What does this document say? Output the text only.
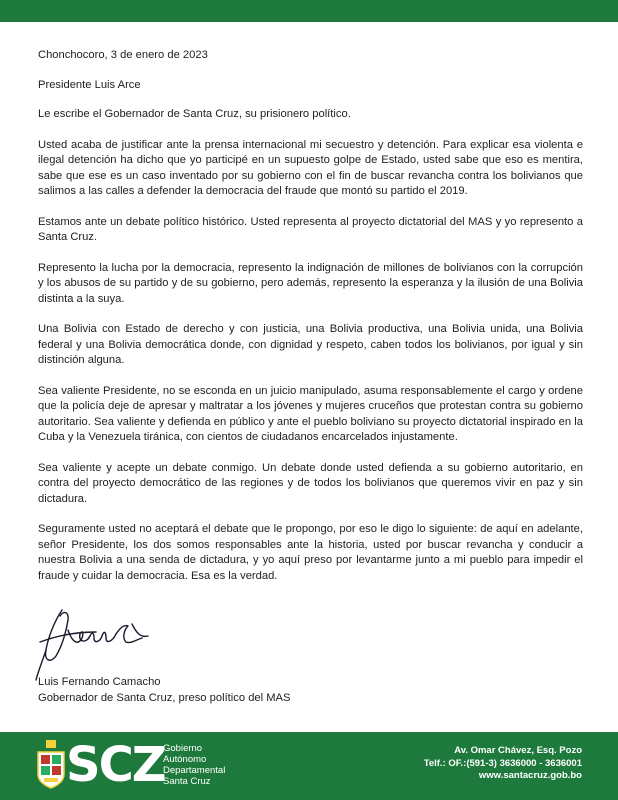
Chonchocoro, 3 de enero de 2023

Presidente Luis Arce

Le escribe el Gobernador de Santa Cruz, su prisionero político.

Usted acaba de justificar ante la prensa internacional mi secuestro y detención. Para explicar esa violenta e ilegal detención ha dicho que yo participé en un supuesto golpe de Estado, usted sabe que eso es mentira, sabe que ese es un caso inventado por su gobierno con el fin de buscar revancha contra los bolivianos que salimos a las calles a defender la democracia del fraude que montó su partido el 2019.

Estamos ante un debate político histórico. Usted representa al proyecto dictatorial del MAS y yo represento a Santa Cruz.

Represento la lucha por la democracia, represento la indignación de millones de bolivianos con la corrupción y los abusos de su partido y de su gobierno, pero además, represento la esperanza y la ilusión de una Bolivia distinta a la suya.

Una Bolivia con Estado de derecho y con justicia, una Bolivia productiva, una Bolivia unida, una Bolivia federal y una Bolivia democrática donde, con dignidad y respeto, caben todos los bolivianos, por igual y sin distinción alguna.

Sea valiente Presidente, no se esconda en un juicio manipulado, asuma responsablemente el cargo y ordene que la policía deje de apresar y maltratar a los jóvenes y mujeres cruceños que protestan contra su gobierno autoritario. Sea valiente y defienda en público y ante el pueblo boliviano su proyecto dictatorial inspirado en la Cuba y la Venezuela tiránica, con cientos de ciudadanos encarcelados injustamente.

Sea valiente y acepte un debate conmigo. Un debate donde usted defienda a su gobierno autoritario, en contra del proyecto democrático de las regiones y de todos los bolivianos que queremos vivir en paz y sin dictadura.

Seguramente usted no aceptará el debate que le propongo, por eso le digo lo siguiente: de aquí en adelante, señor Presidente, los dos somos responsables ante la historia, usted por buscar revancha y conducir a nuestra Bolivia a una senda de dictadura, y yo aquí preso por levantarme junto a mi pueblo para impedir el fraude y cuidar la democracia. Esa es la verdad.

Luis Fernando Camacho
Gobernador de Santa Cruz, preso político del MAS
SCZ
Gobierno
Autónomo
Departamental
Santa Cruz
Av. Omar Chávez, Esq. Pozo
Telf.: OF.:(591-3) 3636000 - 3636001
www.santacruz.gob.bo
